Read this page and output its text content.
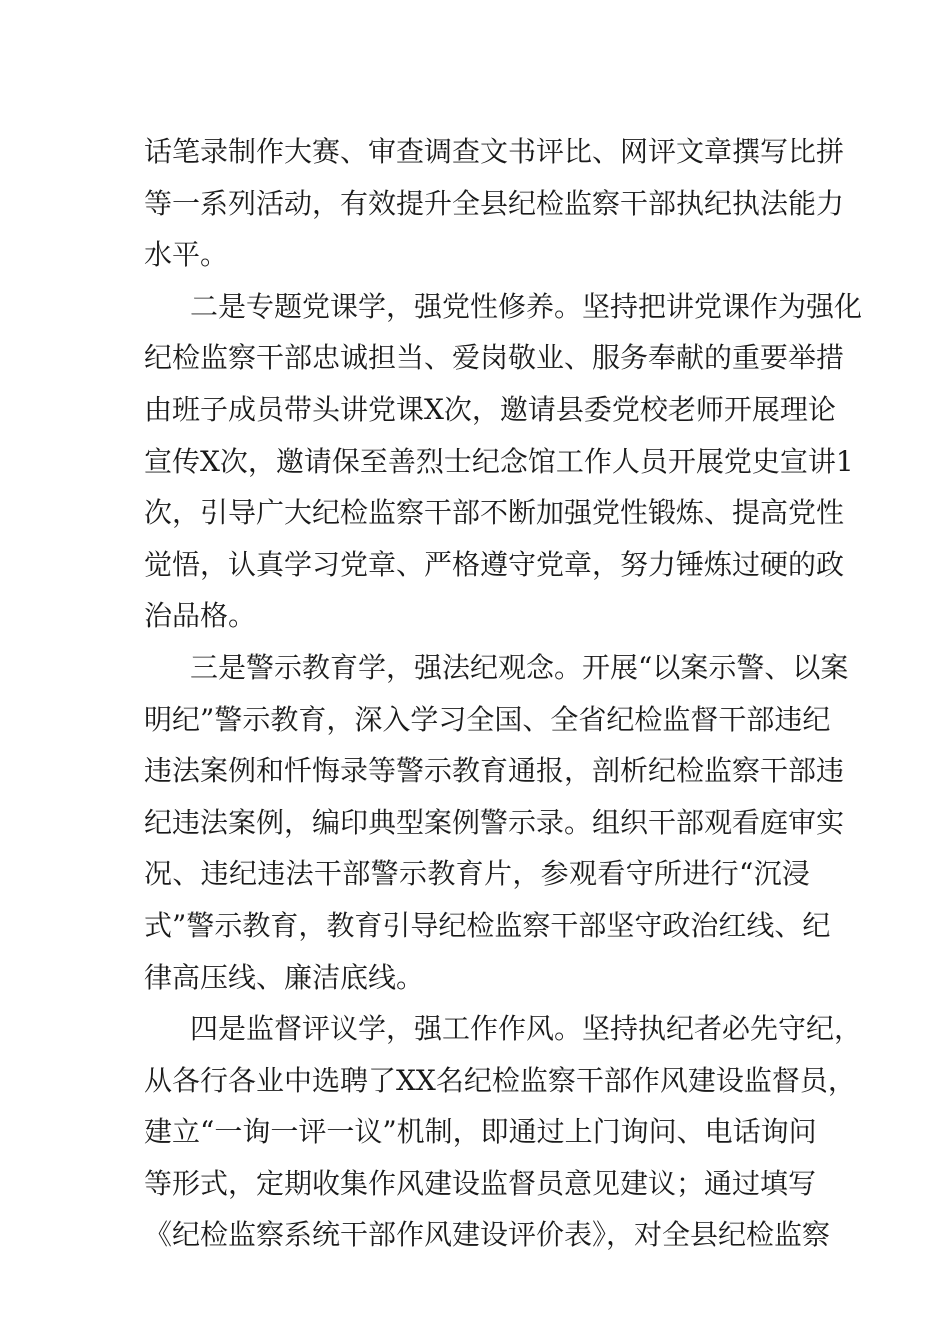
话笔录制作大赛、审查调查文书评比、网评文章撰写比拼
等一系列活动，有效提升全县纪检监察干部执纪执法能力
水平。
二是专题党课学，强党性修养。坚持把讲党课作为强化
纪检监察干部忠诚担当、爱岗敬业、服务奉献的重要举措
由班子成员带头讲党课X次，邀请县委党校老师开展理论
宣传X次，邀请保至善烈士纪念馆工作人员开展党史宣讲1
次，引导广大纪检监察干部不断加强党性锻炼、提高党性
觉悟，认真学习党章、严格遵守党章，努力锤炼过硬的政
治品格。
三是警示教育学，强法纪观念。开展“以案示警、以案
明纪”警示教育，深入学习全国、全省纪检监督干部违纪
违法案例和忏悔录等警示教育通报，剖析纪检监察干部违
纪违法案例，编印典型案例警示录。组织干部观看庭审实
况、违纪违法干部警示教育片，参观看守所进行“沉浸
式”警示教育，教育引导纪检监察干部坚守政治红线、纪
律高压线、廉洁底线。
四是监督评议学，强工作作风。坚持执纪者必先守纪，
从各行各业中选聘了XX名纪检监察干部作风建设监督员，
建立“一询一评一议”机制，即通过上门询问、电话询问
等形式，定期收集作风建设监督员意见建议；通过填写
《纪检监察系统干部作风建设评价表》，对全县纪检监察
